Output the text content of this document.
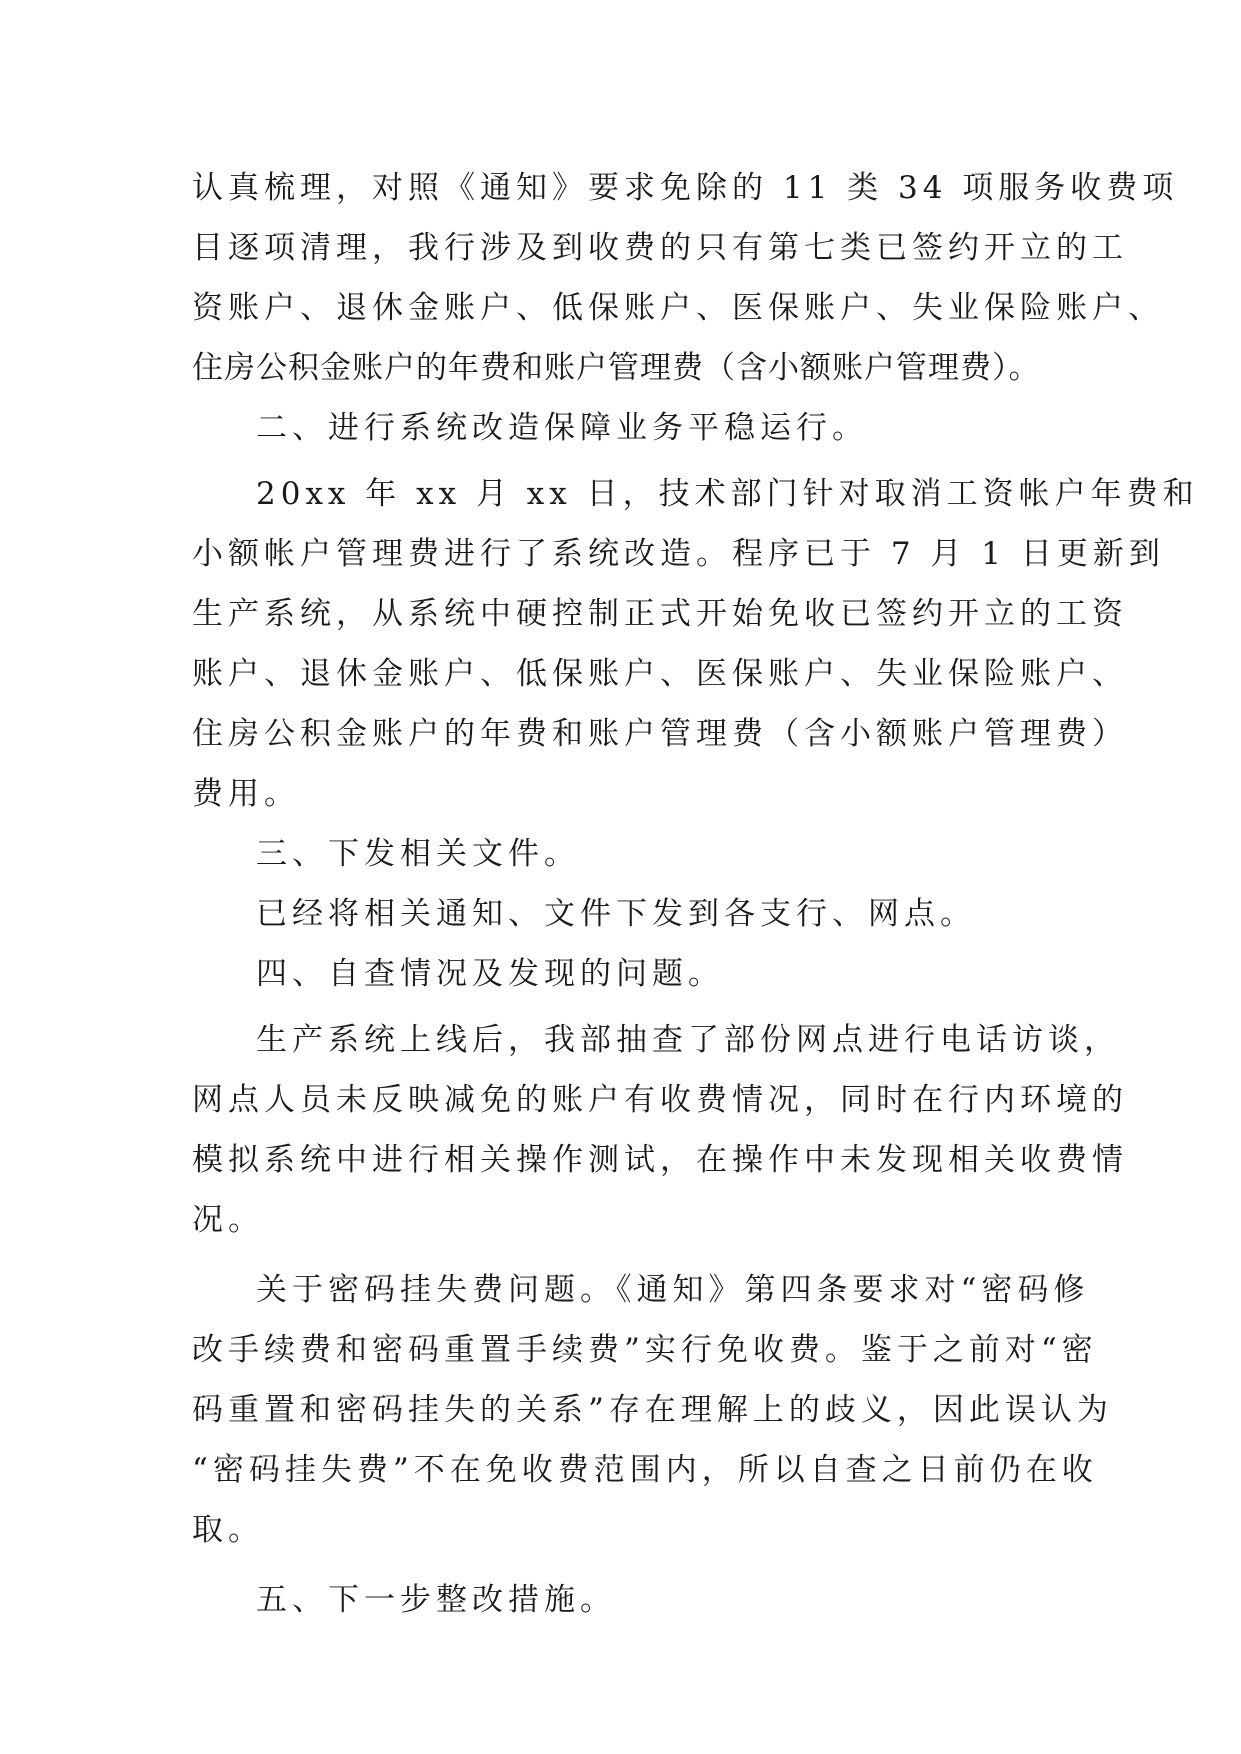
认真梳理，对照《通知》要求免除的 11 类 34 项服务收费项
目逐项清理，我行涉及到收费的只有第七类已签约开立的工
资账户、退休金账户、低保账户、医保账户、失业保险账户、
住房公积金账户的年费和账户管理费（含小额账户管理费）。
二、进行系统改造保障业务平稳运行。
20xx 年 xx 月 xx 日，技术部门针对取消工资帐户年费和
小额帐户管理费进行了系统改造。程序已于 7 月 1 日更新到
生产系统，从系统中硬控制正式开始免收已签约开立的工资
账户、退休金账户、低保账户、医保账户、失业保险账户、
住房公积金账户的年费和账户管理费（含小额账户管理费）
费用。
三、下发相关文件。
已经将相关通知、文件下发到各支行、网点。
四、自查情况及发现的问题。
生产系统上线后，我部抽查了部份网点进行电话访谈，
网点人员未反映减免的账户有收费情况，同时在行内环境的
模拟系统中进行相关操作测试，在操作中未发现相关收费情
况。
关于密码挂失费问题。《通知》第四条要求对“密码修
改手续费和密码重置手续费”实行免收费。鉴于之前对“密
码重置和密码挂失的关系”存在理解上的歧义，因此误认为
“密码挂失费”不在免收费范围内，所以自查之日前仍在收
取。
五、下一步整改措施。
